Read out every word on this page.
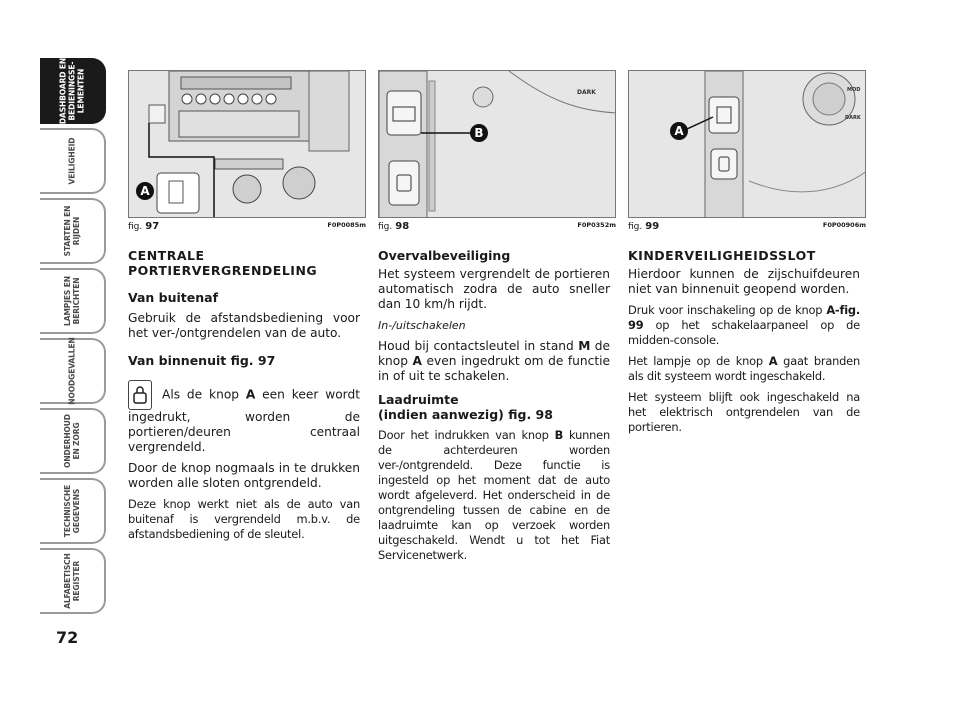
DASHBOARD EN
BEDIENINGSE-
LEMENTEN
VEILIGHEID
STARTEN EN
RIJDEN
LAMPJES EN
BERICHTEN
NOODGEVALLEN
ONDERHOUD
EN ZORG
TECHNISCHE
GEGEVENS
ALFABETISCH
REGISTER
72
A
fig. 97	F0P0085m
B
DARK
fig. 98	F0P0352m
A
DARK
MOD
fig. 99	F0P00906m

CENTRALE

PORTIERVERGRENDELING

Van buitenaf

Gebruik de afstandsbediening voor het ver-/ontgrendelen van de auto.

Van binnenuit fig. 97

Als de knop A een keer wordt ingedrukt, worden de portieren/deuren centraal vergrendeld.

Door de knop nogmaals in te drukken worden alle sloten ontgrendeld.

Deze knop werkt niet als de auto van buitenaf is vergrendeld m.b.v. de afstandsbediening of de sleutel.

Overvalbeveiliging

Het systeem vergrendelt de portieren automatisch zodra de auto sneller dan 10 km/h rijdt.

In-/uitschakelen

Houd bij contactsleutel in stand M de knop A even ingedrukt om de functie in of uit te schakelen.

Laadruimte

(indien aanwezig) fig. 98

Door het indrukken van knop B kunnen de achterdeuren worden ver-/ontgrendeld. Deze functie is ingesteld op het moment dat de auto wordt afgeleverd. Het onderscheid in de ontgrendeling tussen de cabine en de laadruimte kan op verzoek worden uitgeschakeld. Wendt u tot het Fiat Servicenetwerk.

KINDERVEILIGHEIDSSLOT

Hierdoor kunnen de zijschuifdeuren niet van binnenuit geopend worden.

Druk voor inschakeling op de knop A-fig. 99 op het schakelaarpaneel op de midden-console.

Het lampje op de knop A gaat branden als dit systeem wordt ingeschakeld.

Het systeem blijft ook ingeschakeld na het elektrisch ontgrendelen van de portieren.
